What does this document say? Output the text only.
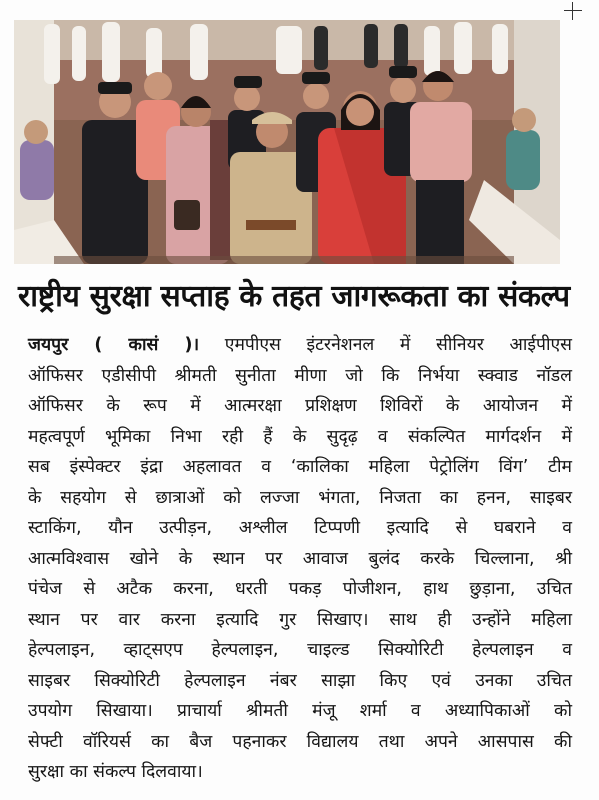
राष्ट्रीय सुरक्षा सप्ताह के तहत जागरूकता का संकल्प
जयपुर ( कासं )। एमपीएस इंटरनेशनल में सीनियर आईपीएस
ऑफिसर एडीसीपी श्रीमती सुनीता मीणा जो कि निर्भया स्क्वाड नॉडल
ऑफिसर के रूप में आत्मरक्षा प्रशिक्षण शिविरों के आयोजन में
महत्वपूर्ण भूमिका निभा रही हैं के सुदृढ़ व संकल्पित मार्गदर्शन में
सब इंस्पेक्टर इंद्रा अहलावत व ‘कालिका महिला पेट्रोलिंग विंग’ टीम
के सहयोग से छात्राओं को लज्जा भंगता, निजता का हनन, साइबर
स्टाकिंग, यौन उत्पीड़न, अश्लील टिप्पणी इत्यादि से घबराने व
आत्मविश्वास खोने के स्थान पर आवाज बुलंद करके चिल्लाना, श्री
पंचेज से अटैक करना, धरती पकड़ पोजीशन, हाथ छुड़ाना, उचित
स्थान पर वार करना इत्यादि गुर सिखाए। साथ ही उन्होंने महिला
हेल्पलाइन, व्हाट्सएप हेल्पलाइन, चाइल्ड सिक्योरिटी हेल्पलाइन व
साइबर सिक्योरिटी हेल्पलाइन नंबर साझा किए एवं उनका उचित
उपयोग सिखाया। प्राचार्या श्रीमती मंजू शर्मा व अध्यापिकाओं को
सेफ्टी वॉरियर्स का बैज पहनाकर विद्यालय तथा अपने आसपास की
सुरक्षा का संकल्प दिलवाया।
